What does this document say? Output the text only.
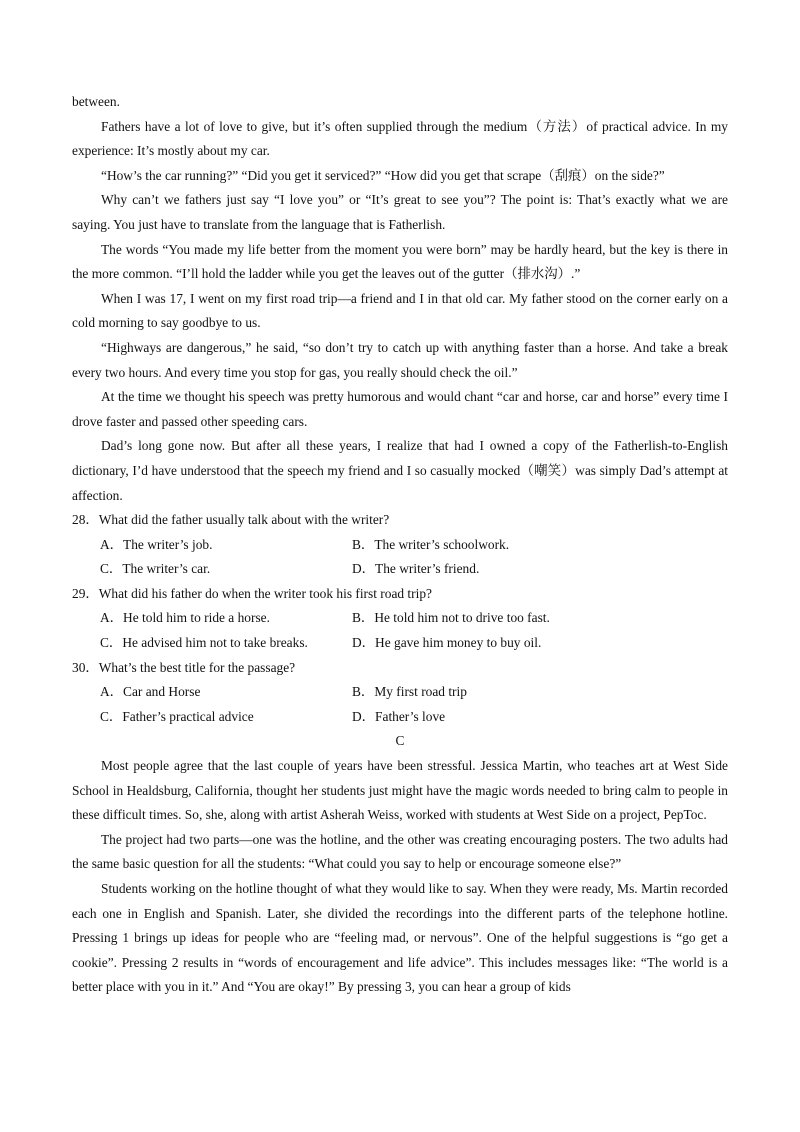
between.

Fathers have a lot of love to give, but it’s often supplied through the medium（方法）of practical advice. In my experience: It’s mostly about my car.

“How’s the car running?” “Did you get it serviced?” “How did you get that scrape（刮痕）on the side?”

Why can’t we fathers just say “I love you” or “It’s great to see you”? The point is: That’s exactly what we are saying. You just have to translate from the language that is Fatherlish.

The words “You made my life better from the moment you were born” may be hardly heard, but the key is there in the more common. “I’ll hold the ladder while you get the leaves out of the gutter（排水沟）.”

When I was 17, I went on my first road trip—a friend and I in that old car. My father stood on the corner early on a cold morning to say goodbye to us.

“Highways are dangerous,” he said, “so don’t try to catch up with anything faster than a horse. And take a break every two hours. And every time you stop for gas, you really should check the oil.”

At the time we thought his speech was pretty humorous and would chant “car and horse, car and horse” every time I drove faster and passed other speeding cars.

Dad’s long gone now. But after all these years, I realize that had I owned a copy of the Fatherlish-to-English dictionary, I’d have understood that the speech my friend and I so casually mocked（嘲笑）was simply Dad’s attempt at affection.

28．What did the father usually talk about with the writer?

A．The writer’s job.	B．The writer’s schoolwork.
C．The writer’s car.	D．The writer’s friend.

29．What did his father do when the writer took his first road trip?

A．He told him to ride a horse.	B．He told him not to drive too fast.
C．He advised him not to take breaks.	D．He gave him money to buy oil.

30．What’s the best title for the passage?

A．Car and Horse	B．My first road trip
C．Father’s practical advice	D．Father’s love

C

Most people agree that the last couple of years have been stressful. Jessica Martin, who teaches art at West Side School in Healdsburg, California, thought her students just might have the magic words needed to bring calm to people in these difficult times. So, she, along with artist Asherah Weiss, worked with students at West Side on a project, PepToc.

The project had two parts—one was the hotline, and the other was creating encouraging posters. The two adults had the same basic question for all the students: “What could you say to help or encourage someone else?”

Students working on the hotline thought of what they would like to say. When they were ready, Ms. Martin recorded each one in English and Spanish. Later, she divided the recordings into the different parts of the telephone hotline. Pressing 1 brings up ideas for people who are “feeling mad, or nervous”. One of the helpful suggestions is “go get a cookie”. Pressing 2 results in “words of encouragement and life advice”. This includes messages like: “The world is a better place with you in it.” And “You are okay!” By pressing 3, you can hear a group of kids
